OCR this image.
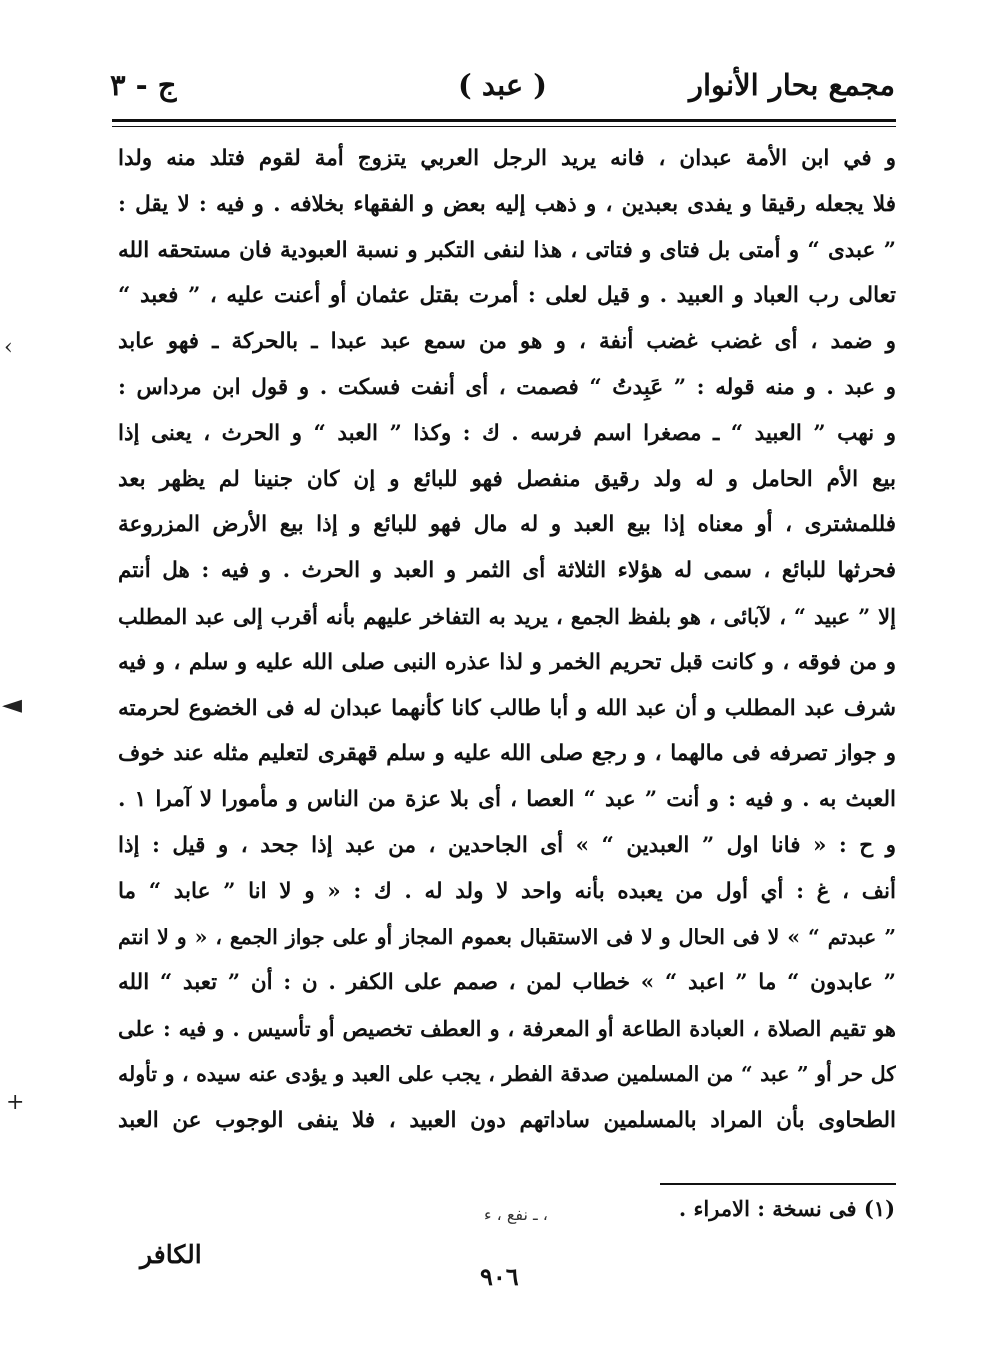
مجمع بحار الأنوار
( عبد )
ج - ٣
و في ابن الأمة عبدان ، فانه يريد الرجل العربي يتزوج أمة لقوم فتلد منه ولدا
فلا يجعله رقيقا و يفدى بعبدين ، و ذهب إليه بعض و الفقهاء بخلافه . و فيه : لا يقل :
” عبدى “ و أمتى بل فتاى و فتاتى ، هذا لنفى التكبر و نسبة العبودية فان مستحقه الله
تعالى رب العباد و العبيد . و قيل لعلى : أمرت بقتل عثمان أو أعنت عليه ، ” فعبد “
و ضمد ، أى غضب غضب أنفة ، و هو من سمع عبد عبدا ـ بالحركة ـ فهو عابد
و عبد . و منه قوله : ” عَبِدتُ “ فصمت ، أى أنفت فسكت . و قول ابن مرداس :
و نهب ” العبيد “ ـ مصغرا اسم فرسه . ك : وكذا ” العبد “ و الحرث ، يعنى إذا
بيع الأم الحامل و له ولد رقيق منفصل فهو للبائع و إن كان جنينا لم يظهر بعد
فللمشترى ، أو معناه إذا بيع العبد و له مال فهو للبائع و إذا بيع الأرض المزروعة
فحرثها للبائع ، سمى له هؤلاء الثلاثة أى الثمر و العبد و الحرث . و فيه : هل أنتم
إلا ” عبيد “ ، لآبائى ، هو بلفظ الجمع ، يريد به التفاخر عليهم بأنه أقرب إلى عبد المطلب
و من فوقه ، و كانت قبل تحريم الخمر و لذا عذره النبى صلى الله عليه و سلم ، و فيه
شرف عبد المطلب و أن عبد الله و أبا طالب كانا كأنهما عبدان له فى الخضوع لحرمته
و جواز تصرفه فى مالهما ، و رجع صلى الله عليه و سلم قهقرى لتعليم مثله عند خوف
العبث به . و فيه : و أنت ” عبد “ العصا ، أى بلا عزة من الناس و مأمورا لا آمرا ١ .
و ح : « فانا اول ” العبدين “ » أى الجاحدين ، من عبد إذا جحد ، و قيل : إذا
أنف ، غ : أي أول من يعبده بأنه واحد لا ولد له . ك : « و لا انا ” عابد “ ما
” عبدتم “ » لا فى الحال و لا فى الاستقبال بعموم المجاز أو على جواز الجمع ، « و لا انتم
” عابدون “ ما ” اعبد “ » خطاب لمن ، صمم على الكفر . ن : أن ” تعبد “ الله
هو تقيم الصلاة ، العبادة الطاعة أو المعرفة ، و العطف تخصيص أو تأسيس . و فيه : على
كل حر أو ” عبد “ من المسلمين صدقة الفطر ، يجب على العبد و يؤدى عنه سيده ، و تأوله
الطحاوى بأن المراد بالمسلمين ساداتهم دون العبيد ، فلا ينفى الوجوب عن العبد
(١) فى نسخة : الامراء .
، ـ نفع ، ء
الكافر
٩٠٦
‹
◄
+
